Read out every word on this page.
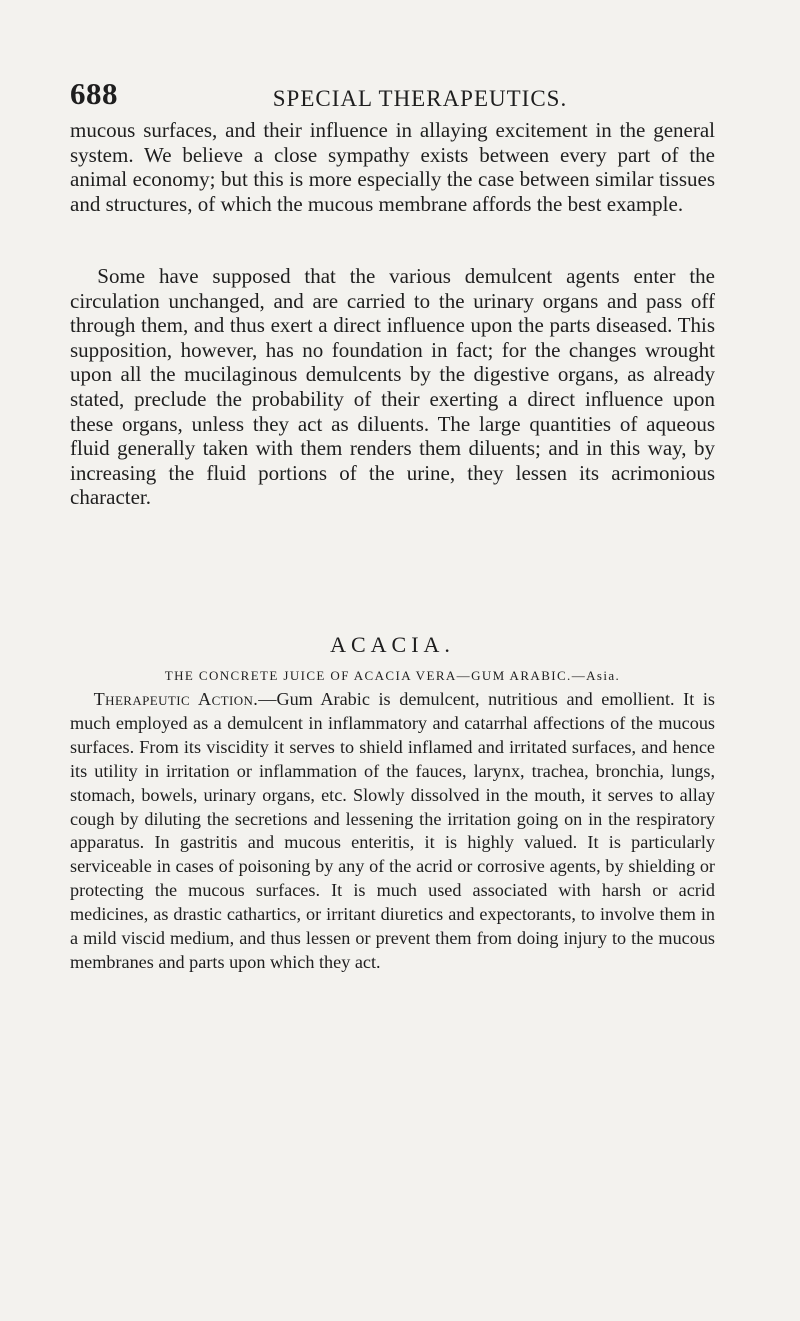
688	SPECIAL THERAPEUTICS.

mucous surfaces, and their influence in allaying excitement in the general system. We believe a close sympathy exists between every part of the animal economy; but this is more especially the case between similar tissues and structures, of which the mucous membrane affords the best example.

Some have supposed that the various demulcent agents enter the circulation unchanged, and are carried to the urinary organs and pass off through them, and thus exert a direct influence upon the parts diseased. This supposition, however, has no foundation in fact; for the changes wrought upon all the mucilaginous demulcents by the digestive organs, as already stated, preclude the probability of their exerting a direct influence upon these organs, unless they act as diluents. The large quantities of aqueous fluid generally taken with them renders them diluents; and in this way, by increasing the fluid portions of the urine, they lessen its acrimonious character.

ACACIA.
THE CONCRETE JUICE OF ACACIA VERA—GUM ARABIC.—Asia.

Therapeutic Action.—Gum Arabic is demulcent, nutritious and emollient. It is much employed as a demulcent in inflammatory and catarrhal affections of the mucous surfaces. From its viscidity it serves to shield inflamed and irritated surfaces, and hence its utility in irritation or inflammation of the fauces, larynx, trachea, bronchia, lungs, stomach, bowels, urinary organs, etc. Slowly dissolved in the mouth, it serves to allay cough by diluting the secretions and lessening the irritation going on in the respiratory apparatus. In gastritis and mucous enteritis, it is highly valued. It is particularly serviceable in cases of poisoning by any of the acrid or corrosive agents, by shielding or protecting the mucous surfaces. It is much used associated with harsh or acrid medicines, as drastic cathartics, or irritant diuretics and expectorants, to involve them in a mild viscid medium, and thus lessen or prevent them from doing injury to the mucous membranes and parts upon which they act.
